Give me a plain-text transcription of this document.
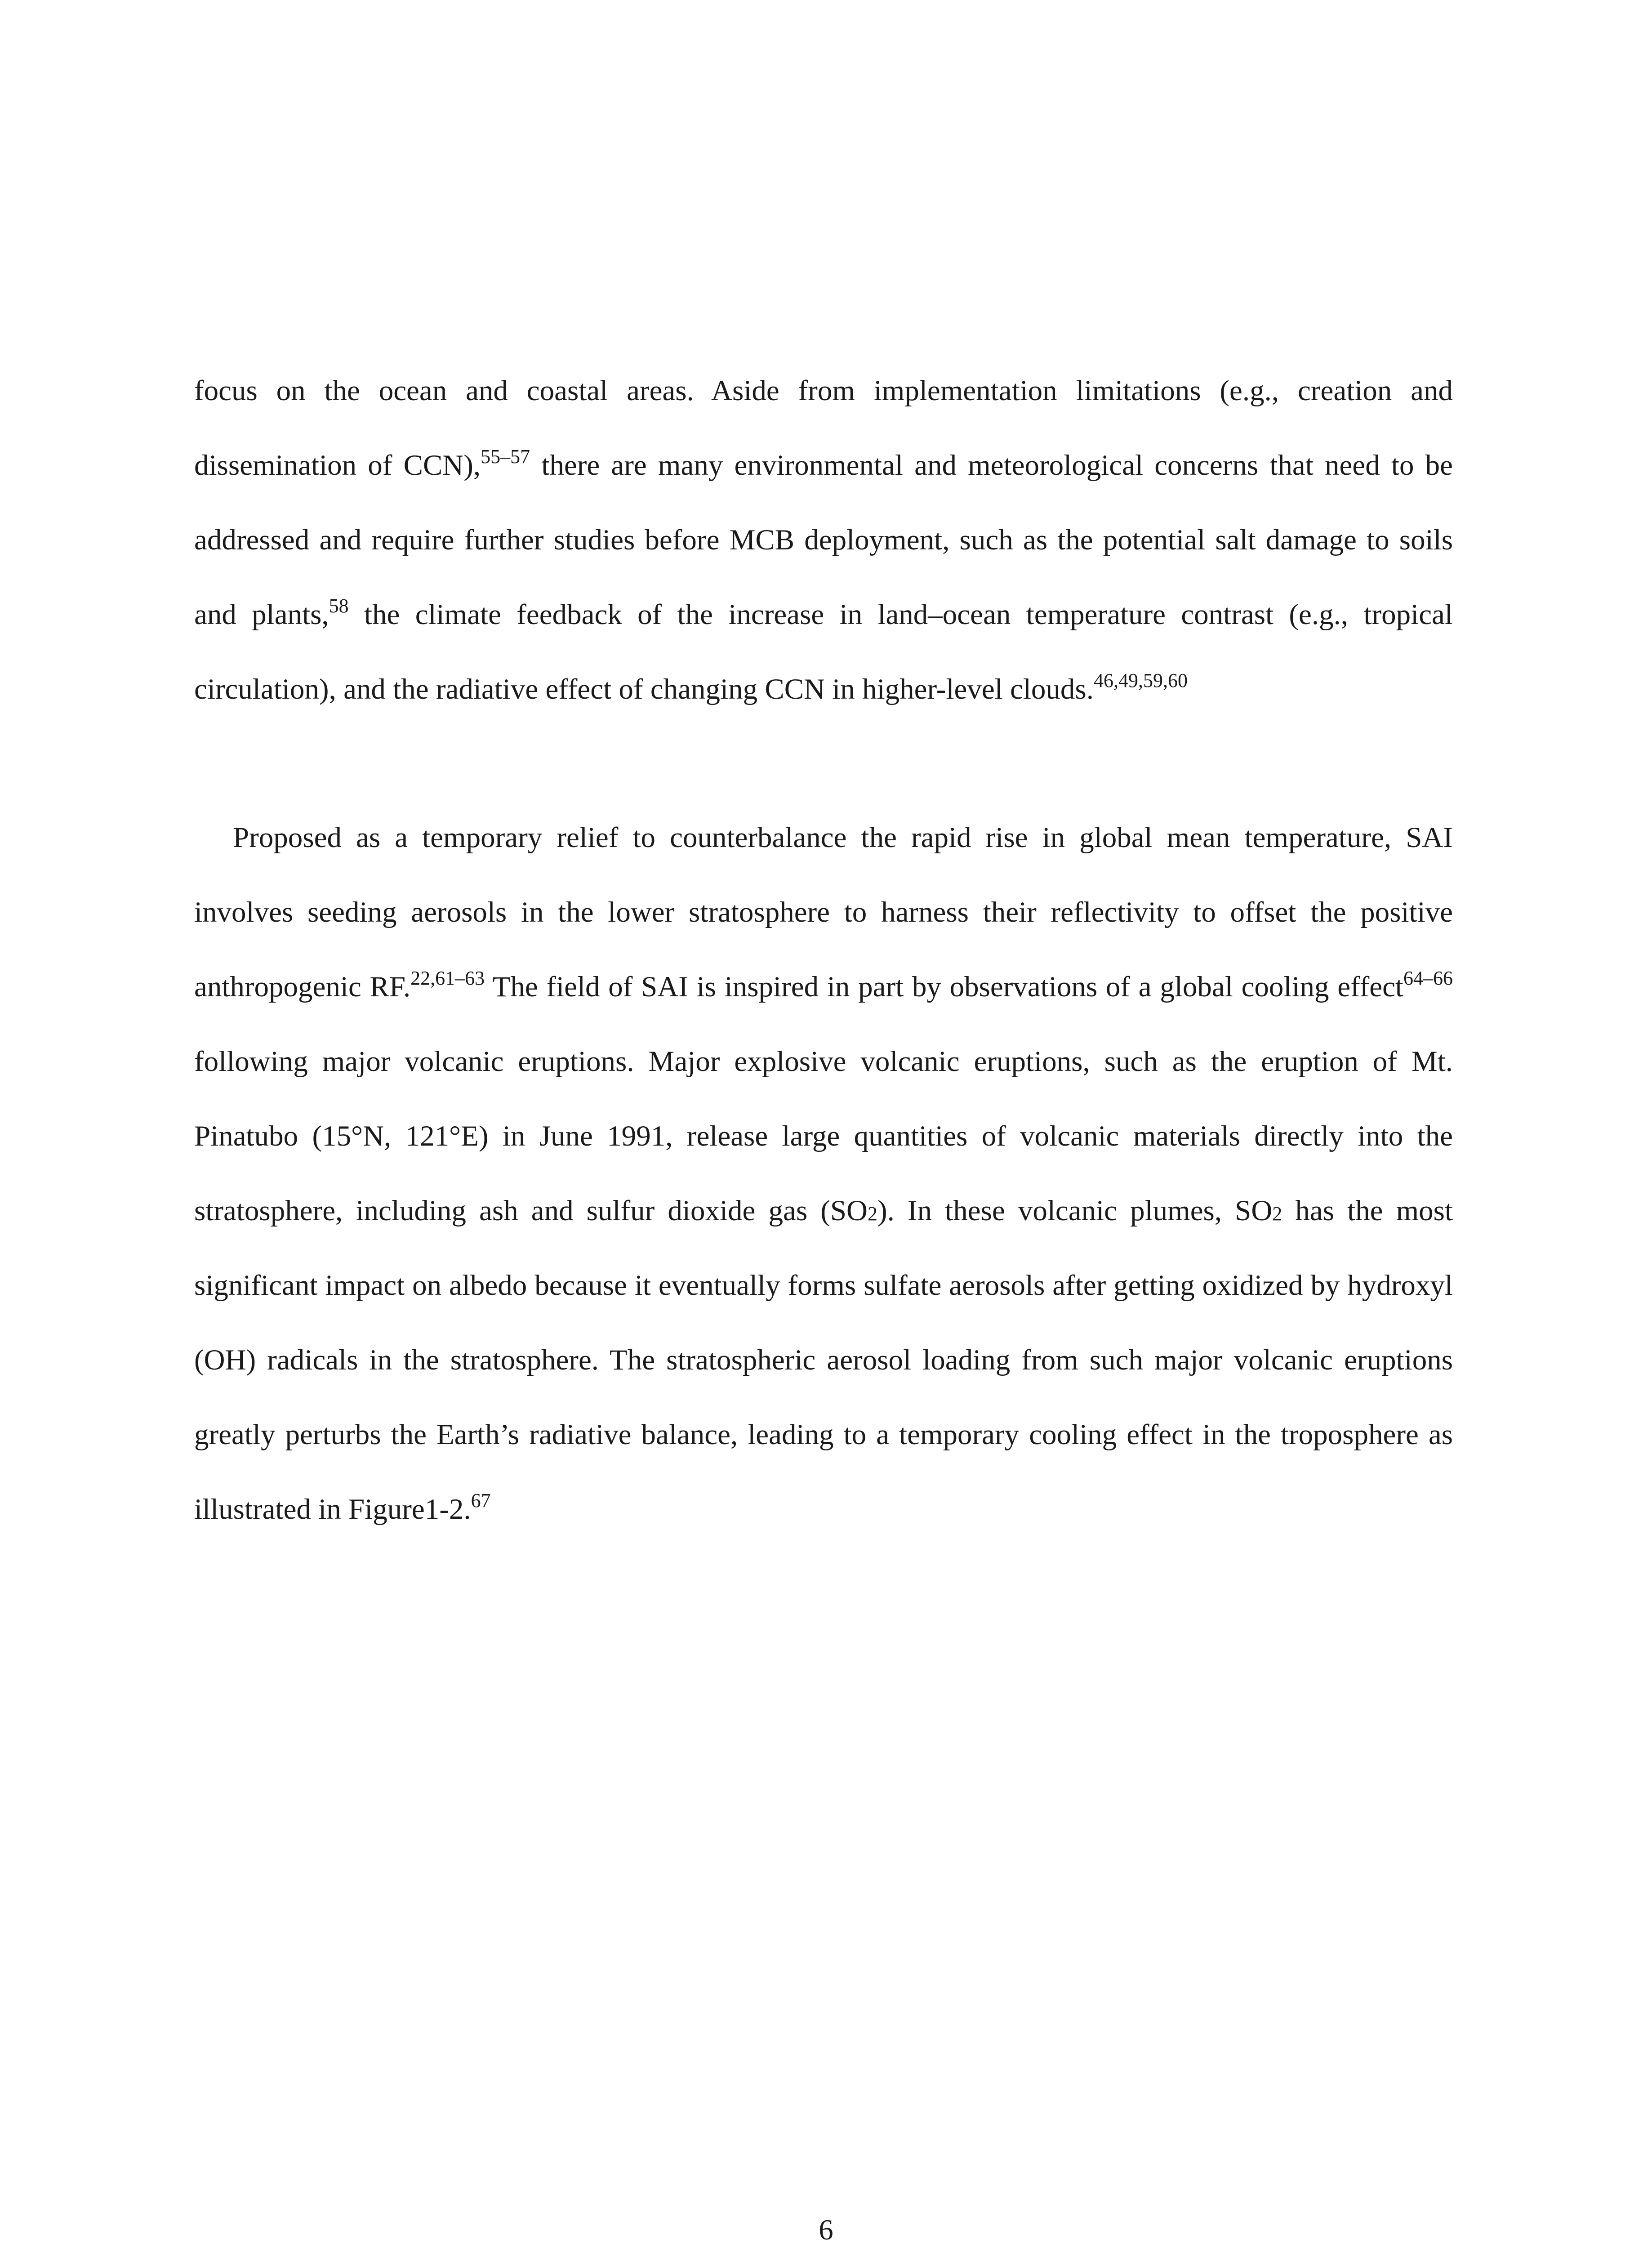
focus on the ocean and coastal areas. Aside from implementation limitations (e.g., creation and dissemination of CCN),$^{55-57}$ there are many environmental and meteorological concerns that need to be addressed and require further studies before MCB deployment, such as the potential salt damage to soils and plants,$^{58}$ the climate feedback of the increase in land–ocean temperature contrast (e.g., tropical circulation), and the radiative effect of changing CCN in higher-level clouds.$^{46,49,59,60}$

Proposed as a temporary relief to counterbalance the rapid rise in global mean temperature, SAI involves seeding aerosols in the lower stratosphere to harness their reflectivity to offset the positive anthropogenic RF.$^{22,61-63}$ The field of SAI is inspired in part by observations of a global cooling effect$^{64-66}$ following major volcanic eruptions. Major explosive volcanic eruptions, such as the eruption of Mt. Pinatubo (15°N, 121°E) in June 1991, release large quantities of volcanic materials directly into the stratosphere, including ash and sulfur dioxide gas (SO2). In these volcanic plumes, SO2 has the most significant impact on albedo because it eventually forms sulfate aerosols after getting oxidized by hydroxyl (OH) radicals in the stratosphere. The stratospheric aerosol loading from such major volcanic eruptions greatly perturbs the Earth’s radiative balance, leading to a temporary cooling effect in the troposphere as illustrated in Figure1-2.67

6
